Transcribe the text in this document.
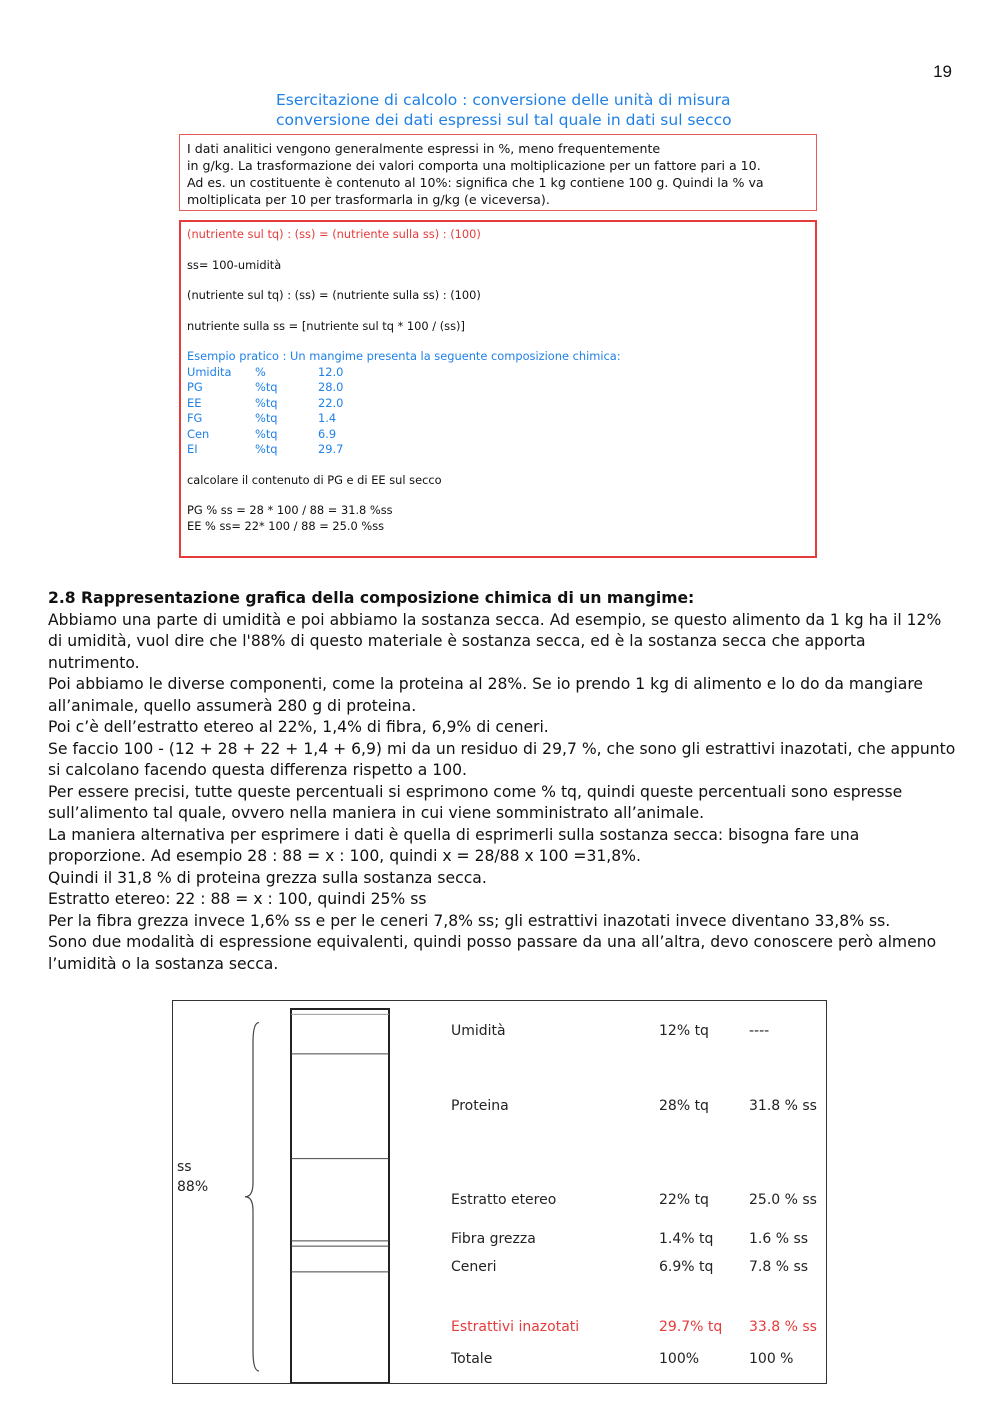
19
Esercitazione di calcolo : conversione delle unità di misura
conversione dei dati espressi sul tal quale in dati sul secco
I dati analitici vengono generalmente espressi in %, meno frequentemente
in g/kg. La trasformazione dei valori comporta una moltiplicazione per un fattore pari a 10.
Ad es. un costituente è contenuto al 10%: significa che 1 kg contiene 100 g. Quindi la % va
moltiplicata per 10 per trasformarla in g/kg (e viceversa).

(nutriente sul tq) : (ss) = (nutriente sulla ss) : (100)

ss= 100-umidità

(nutriente sul tq) : (ss) = (nutriente sulla ss) : (100)

nutriente sulla ss = [nutriente sul tq * 100 / (ss)]

Esempio pratico : Un mangime presenta la seguente composizione chimica:

Umidita	%	12.0
PG	%tq	28.0
EE	%tq	22.0
FG	%tq	1.4
Cen	%tq	6.9
EI	%tq	29.7

calcolare il contenuto di PG e di EE sul secco

PG % ss = 28 * 100 / 88 = 31.8 %ss

EE % ss= 22* 100 / 88 = 25.0 %ss

2.8 Rappresentazione grafica della composizione chimica di un mangime:

Abbiamo una parte di umidità e poi abbiamo la sostanza secca. Ad esempio, se questo alimento da 1 kg ha il 12% di umidità, vuol dire che l'88% di questo materiale è sostanza secca, ed è la sostanza secca che apporta nutrimento.

Poi abbiamo le diverse componenti, come la proteina al 28%. Se io prendo 1 kg di alimento e lo do da mangiare all’animale, quello assumerà 280 g di proteina.

Poi c’è dell’estratto etereo al 22%, 1,4% di fibra, 6,9% di ceneri.

Se faccio 100 - (12 + 28 + 22 + 1,4 + 6,9) mi da un residuo di 29,7 %, che sono gli estrattivi inazotati, che appunto si calcolano facendo questa differenza rispetto a 100.

Per essere precisi, tutte queste percentuali si esprimono come % tq, quindi queste percentuali sono espresse sull’alimento tal quale, ovvero nella maniera in cui viene somministrato all’animale.

La maniera alternativa per esprimere i dati è quella di esprimerli sulla sostanza secca: bisogna fare una proporzione. Ad esempio 28 : 88 = x : 100, quindi x = 28/88 x 100 =31,8%.

Quindi il 31,8 % di proteina grezza sulla sostanza secca.

Estratto etereo: 22 : 88 = x : 100, quindi 25% ss

Per la fibra grezza invece 1,6% ss e per le ceneri 7,8% ss; gli estrattivi inazotati invece diventano 33,8% ss.

Sono due modalità di espressione equivalenti, quindi posso passare da una all’altra, devo conoscere però almeno l’umidità o la sostanza secca.

ss
88%
Umidità	12% tq	----
Proteina	28% tq	31.8 % ss
Estratto etereo	22% tq	25.0 % ss
Fibra grezza	1.4% tq	1.6 % ss
Ceneri	6.9% tq	7.8 % ss
Estrattivi inazotati	29.7% tq 33.8 % ss
Totale	100%	100 %
